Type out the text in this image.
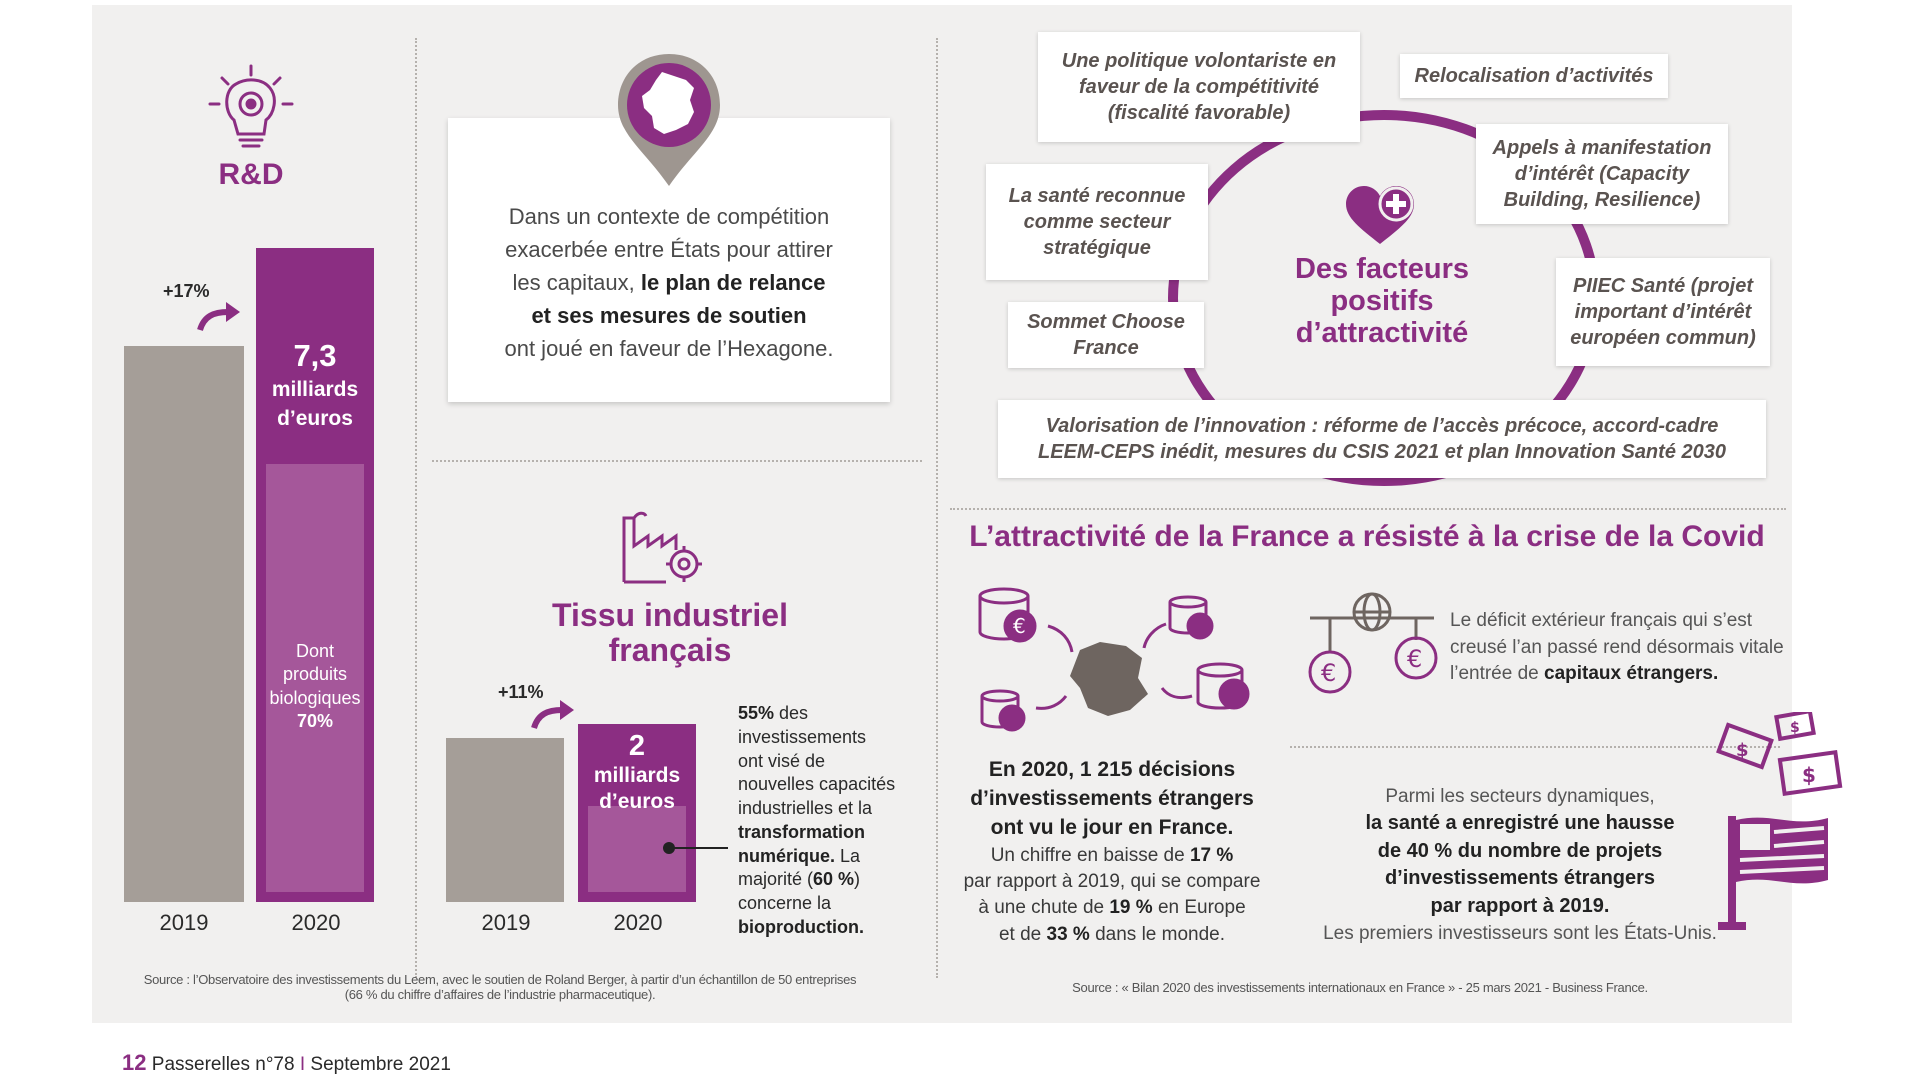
R&D
+17%
7,3
milliards
d’euros
Dont
produits
biologiques
70%
2019	2020
Dans un contexte de compétition
exacerbée entre États pour attirer
les capitaux, le plan de relance
et ses mesures de soutien
ont joué en faveur de l’Hexagone.
Tissu industriel
français
+11%
2
milliards
d’euros
2019	2020
55% des
investissements
ont visé de
nouvelles capacités
industrielles et la
transformation
numérique. La
majorité (60 %)
concerne la
bioproduction.
Source : l’Observatoire des investissements du Leem, avec le soutien de Roland Berger, à partir d’un échantillon de 50 entreprises
(66 % du chiffre d’affaires de l’industrie pharmaceutique).
Des facteurs
positifs
d’attractivité
Une politique volontariste en faveur de la compétitivité (fiscalité favorable)
Relocalisation d’activités
Appels à manifestation d’intérêt (Capacity Building, Resilience)
La santé reconnue comme secteur stratégique
PIIEC Santé (projet important d’intérêt européen commun)
Sommet Choose France
Valorisation de l’innovation : réforme de l’accès précoce, accord-cadre
LEEM-CEPS inédit, mesures du CSIS 2021 et plan Innovation Santé 2030
L’attractivité de la France a résisté à la crise de la Covid
€
En 2020, 1 215 décisions
d’investissements étrangers
ont vu le jour en France.
Un chiffre en baisse de 17 %
par rapport à 2019, qui se compare
à une chute de 19 % en Europe
et de 33 % dans le monde.
€	€
Le déficit extérieur français qui s’est
creusé l’an passé rend désormais vitale
l’entrée de capitaux étrangers.
Parmi les secteurs dynamiques,
la santé a enregistré une hausse
de 40 % du nombre de projets
d’investissements étrangers
par rapport à 2019.
Les premiers investisseurs sont les États-Unis.
$
$
$
Source : « Bilan 2020 des investissements internationaux en France » - 25 mars 2021 - Business France.
12 Passerelles n°78 I Septembre 2021
